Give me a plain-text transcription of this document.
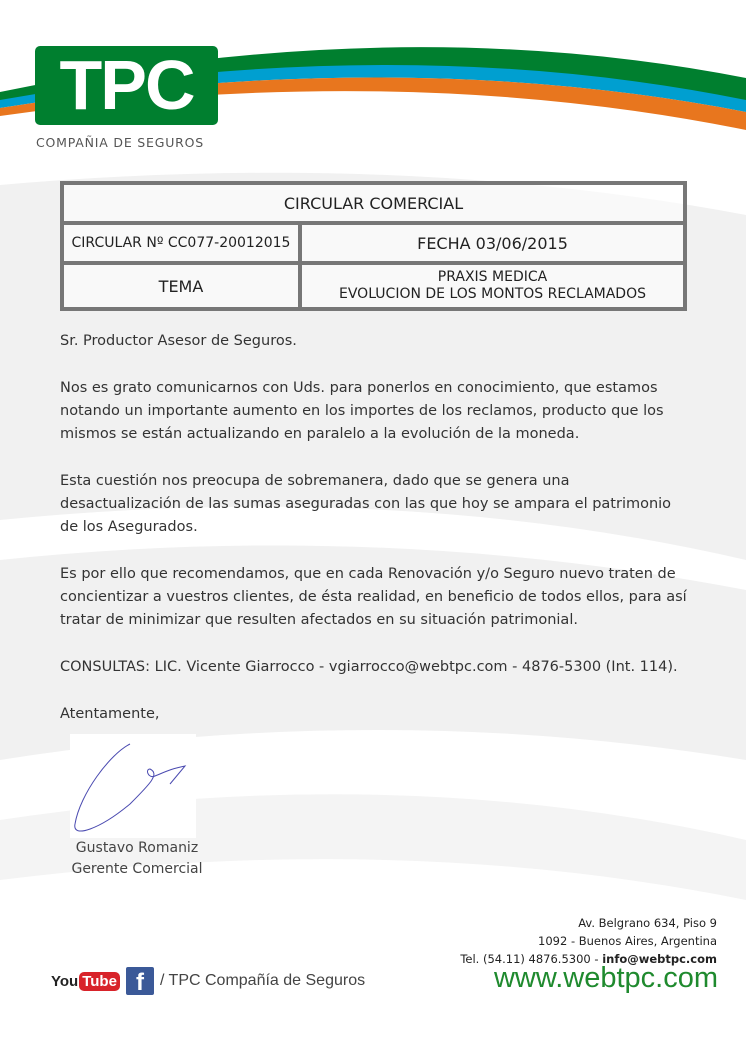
TPC
COMPAÑIA DE SEGUROS
CIRCULAR COMERCIAL	
CIRCULAR Nº CC077-20012015	FECHA 03/06/2015
TEMA	PRAXIS MEDICA
EVOLUCION DE LOS MONTOS RECLAMADOS

Sr. Productor Asesor de Seguros.

Nos es grato comunicarnos con Uds. para ponerlos en conocimiento, que estamos notando un importante aumento en los importes de los reclamos, producto que los mismos se están actualizando en paralelo a la evolución de la moneda.

Esta cuestión nos preocupa de sobremanera, dado que se genera una desactualización de las sumas aseguradas con las que hoy se ampara el patrimonio de los Asegurados.

Es por ello que recomendamos, que en cada Renovación y/o Seguro nuevo traten de concientizar a vuestros clientes, de ésta realidad, en beneficio de todos ellos, para así tratar de minimizar que resulten afectados en su situación patrimonial.

CONSULTAS: LIC. Vicente Giarrocco - vgiarrocco@webtpc.com - 4876-5300 (Int. 114).

Atentamente,

Gustavo Romaniz
Gerente Comercial
You Tube f	/ TPC Compañía de Seguros
Av. Belgrano 634, Piso 9
1092 - Buenos Aires, Argentina
Tel. (54.11) 4876.5300 - info@webtpc.com
www.webtpc.com
